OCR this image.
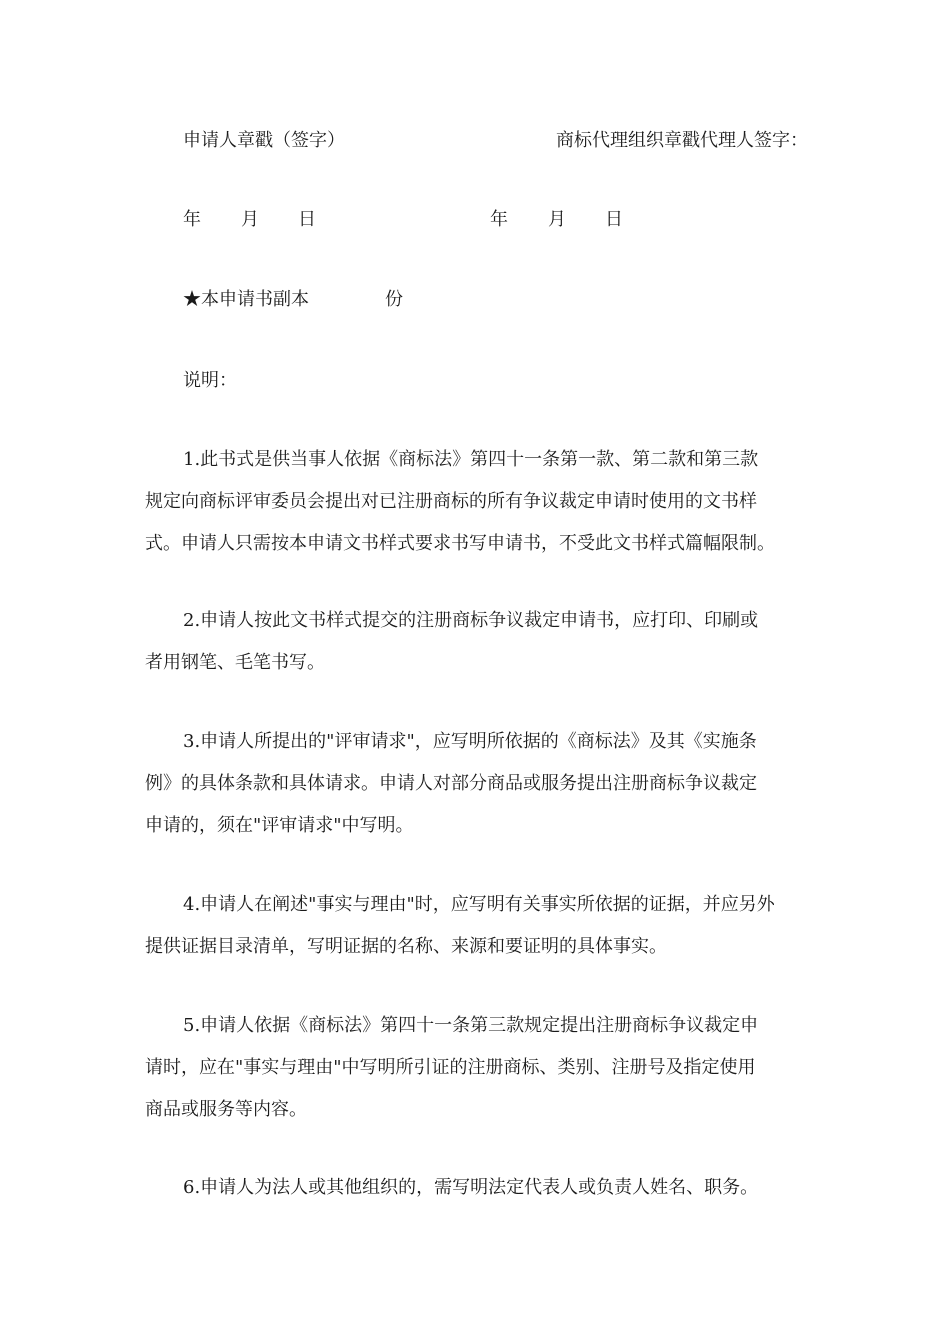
申请人章戳（签字）	商标代理组织章戳代理人签字：
年 月 日	年 月 日
★本申请书副本	份
说明：
1.此书式是供当事人依据《商标法》第四十一条第一款、第二款和第三款
规定向商标评审委员会提出对已注册商标的所有争议裁定申请时使用的文书样
式。申请人只需按本申请文书样式要求书写申请书，不受此文书样式篇幅限制。
2.申请人按此文书样式提交的注册商标争议裁定申请书，应打印、印刷或
者用钢笔、毛笔书写。
3.申请人所提出的"评审请求"，应写明所依据的《商标法》及其《实施条
例》的具体条款和具体请求。申请人对部分商品或服务提出注册商标争议裁定
申请的，须在"评审请求"中写明。
4.申请人在阐述"事实与理由"时，应写明有关事实所依据的证据，并应另外
提供证据目录清单，写明证据的名称、来源和要证明的具体事实。
5.申请人依据《商标法》第四十一条第三款规定提出注册商标争议裁定申
请时，应在"事实与理由"中写明所引证的注册商标、类别、注册号及指定使用
商品或服务等内容。
6.申请人为法人或其他组织的，需写明法定代表人或负责人姓名、职务。
